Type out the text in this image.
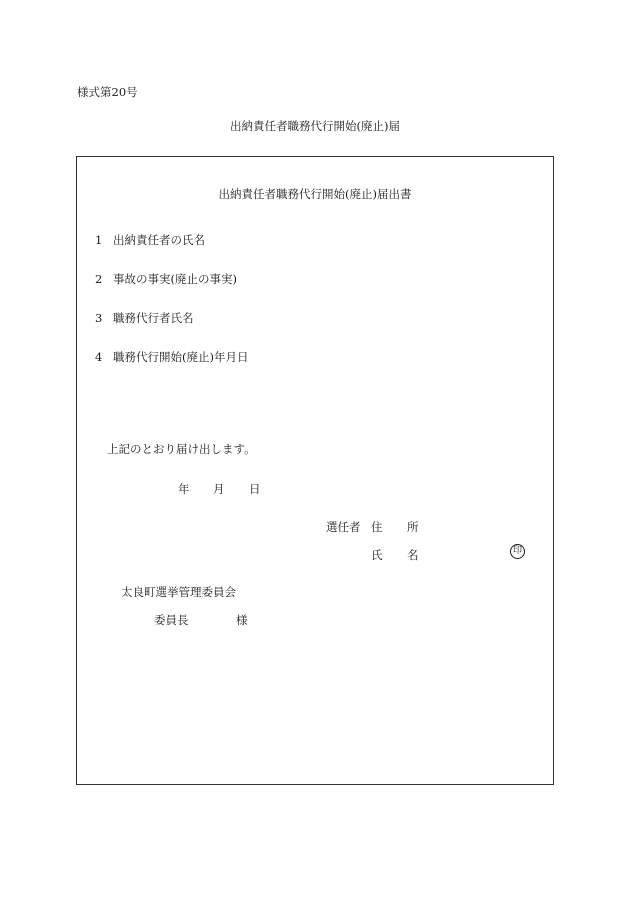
様式第20号
出納責任者職務代行開始(廃止)届
出納責任者職務代行開始(廃止)届出書
1 出納責任者の氏名
2 事故の事実(廃止の事実)
3 職務代行者氏名
4 職務代行開始(廃止)年月日
上記のとおり届け出します。
年 月 日
選任者 住 所
氏 名	印
太良町選挙管理委員会
委員長	様
